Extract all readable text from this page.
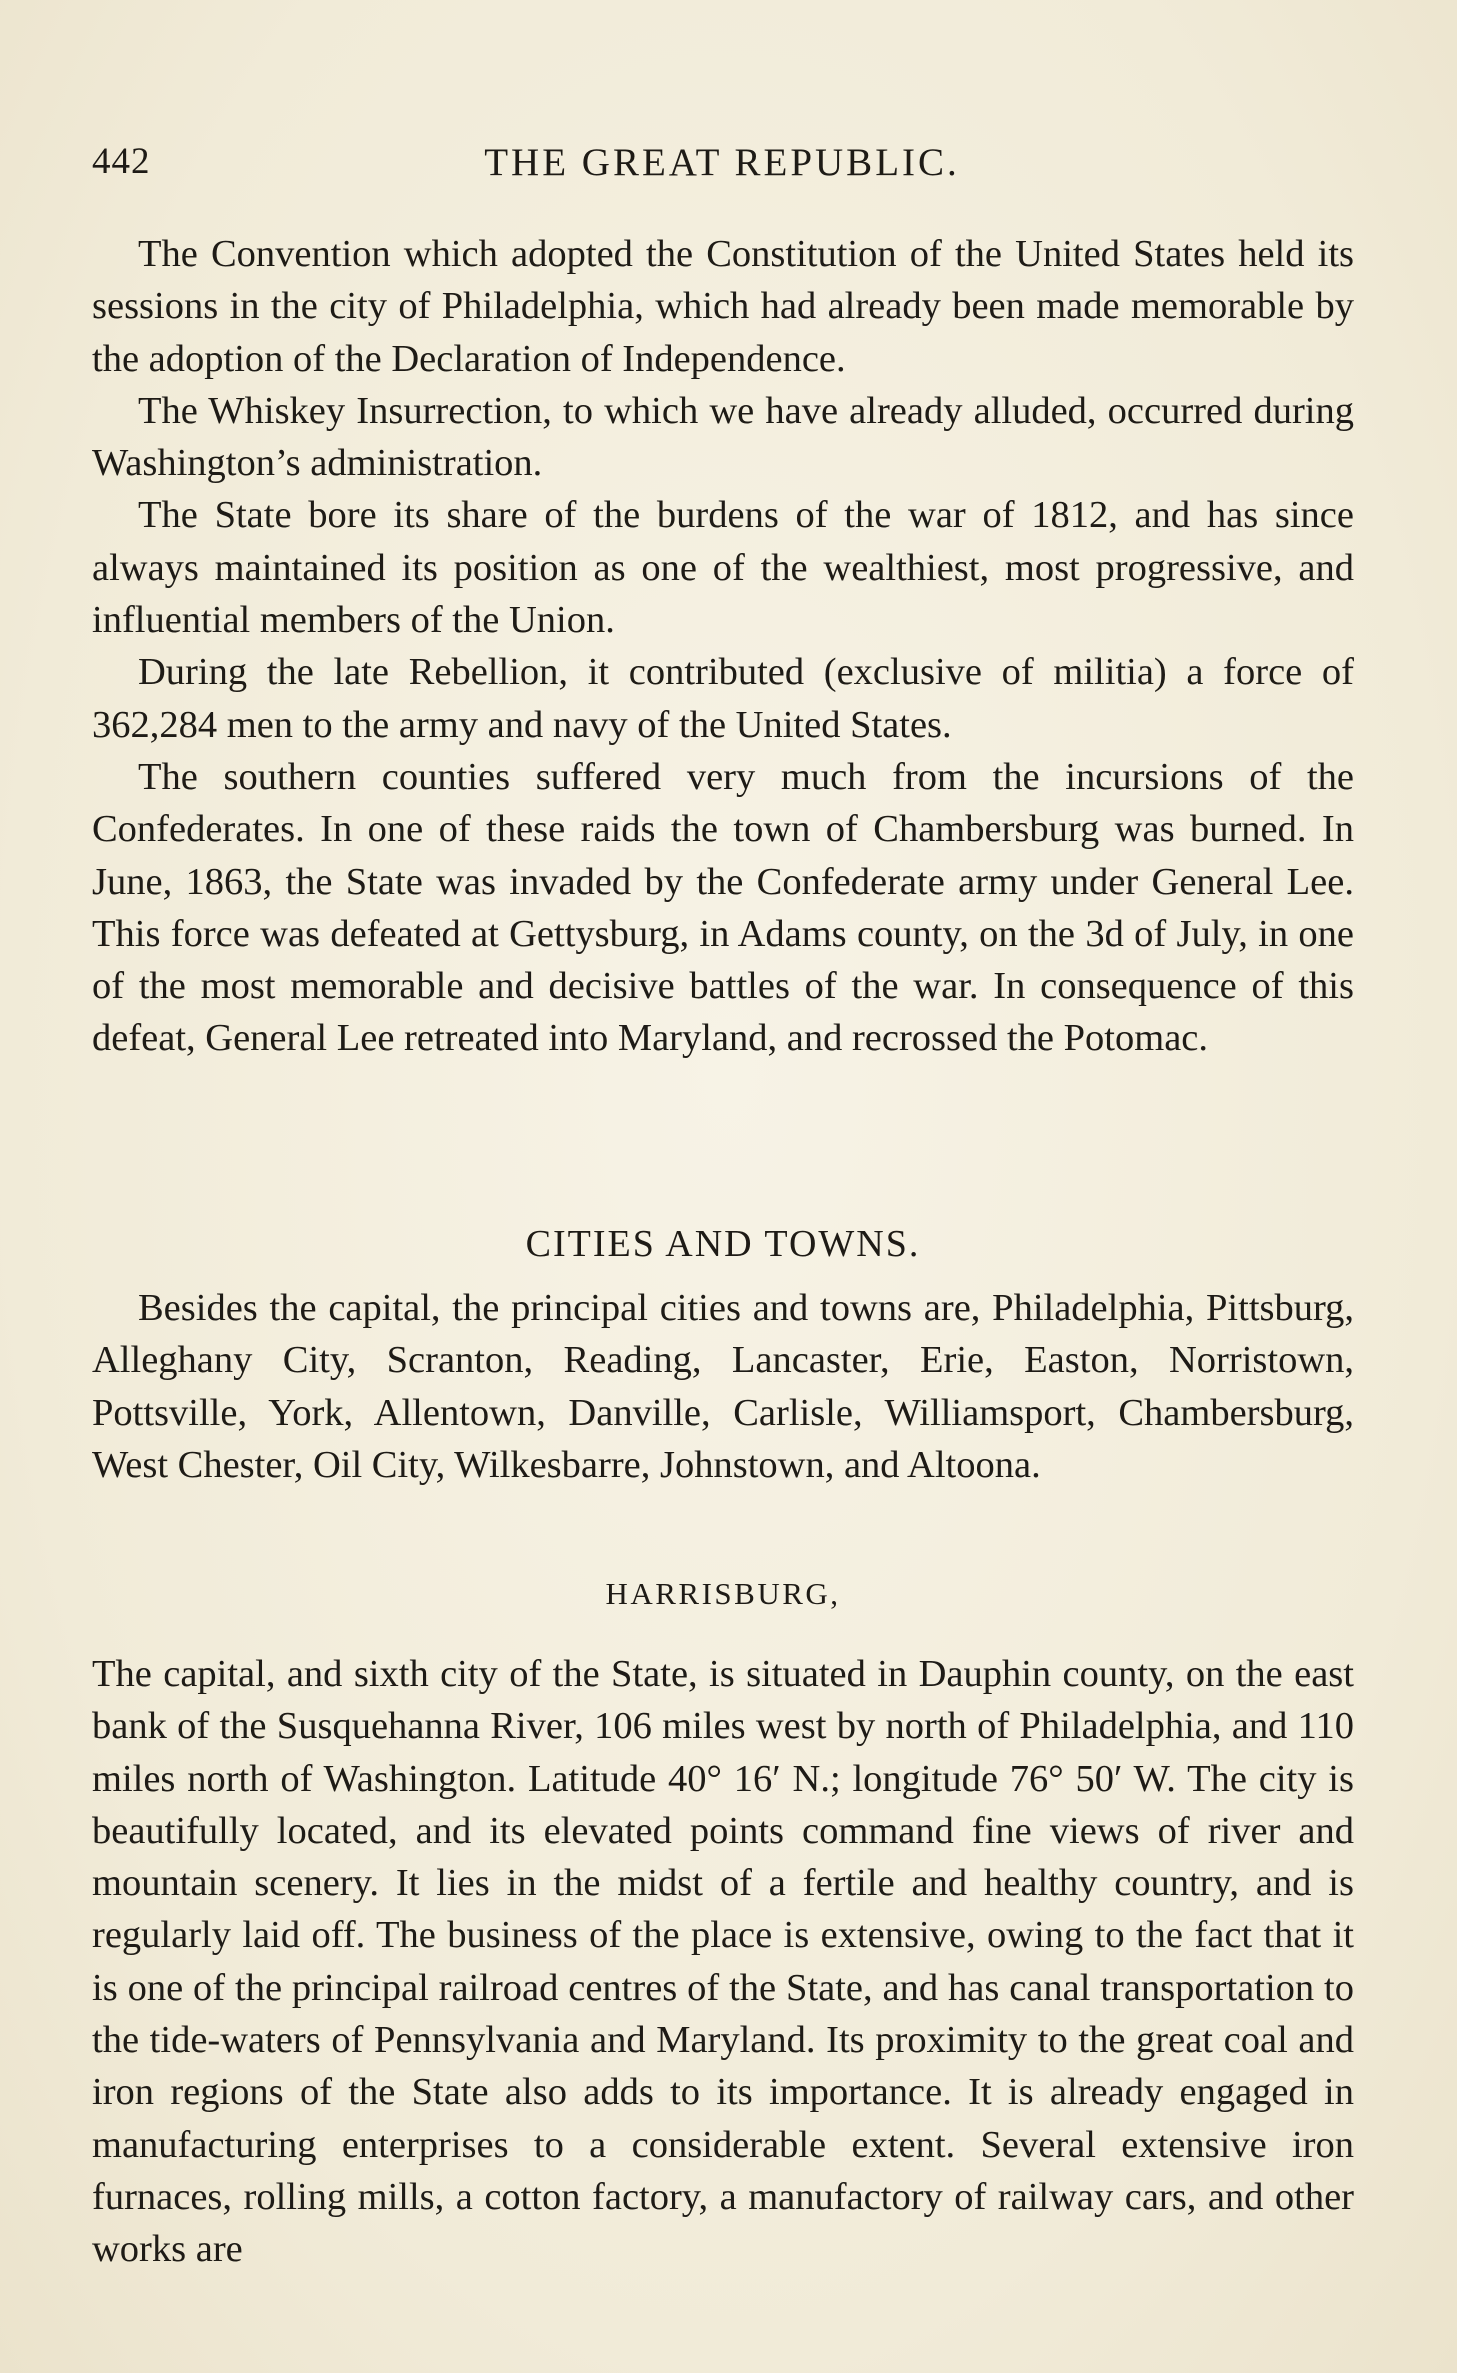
442	THE GREAT REPUBLIC.

The Convention which adopted the Constitution of the United States held its sessions in the city of Philadelphia, which had already been made memorable by the adoption of the Declaration of Independence.

The Whiskey Insurrection, to which we have already alluded, occurred during Washington’s administration.

The State bore its share of the burdens of the war of 1812, and has since always maintained its position as one of the wealthiest, most progressive, and influential members of the Union.

During the late Rebellion, it contributed (exclusive of militia) a force of 362,284 men to the army and navy of the United States.

The southern counties suffered very much from the incursions of the Confederates. In one of these raids the town of Chambersburg was burned. In June, 1863, the State was invaded by the Confederate army under General Lee. This force was defeated at Gettysburg, in Adams county, on the 3d of July, in one of the most memorable and decisive battles of the war. In consequence of this defeat, General Lee retreated into Maryland, and recrossed the Potomac.

CITIES AND TOWNS.

Besides the capital, the principal cities and towns are, Philadelphia, Pittsburg, Alleghany City, Scranton, Reading, Lancaster, Erie, Easton, Norristown, Pottsville, York, Allentown, Danville, Carlisle, Williamsport, Chambersburg, West Chester, Oil City, Wilkesbarre, Johnstown, and Altoona.

HARRISBURG,

The capital, and sixth city of the State, is situated in Dauphin county, on the east bank of the Susquehanna River, 106 miles west by north of Philadelphia, and 110 miles north of Washington. Latitude 40° 16′ N.; longitude 76° 50′ W. The city is beautifully located, and its elevated points command fine views of river and mountain scenery. It lies in the midst of a fertile and healthy country, and is regularly laid off. The business of the place is extensive, owing to the fact that it is one of the principal railroad centres of the State, and has canal transportation to the tide-waters of Pennsylvania and Maryland. Its proximity to the great coal and iron regions of the State also adds to its importance. It is already engaged in manufacturing enterprises to a considerable extent. Several extensive iron furnaces, rolling mills, a cotton factory, a manufactory of railway cars, and other works are
